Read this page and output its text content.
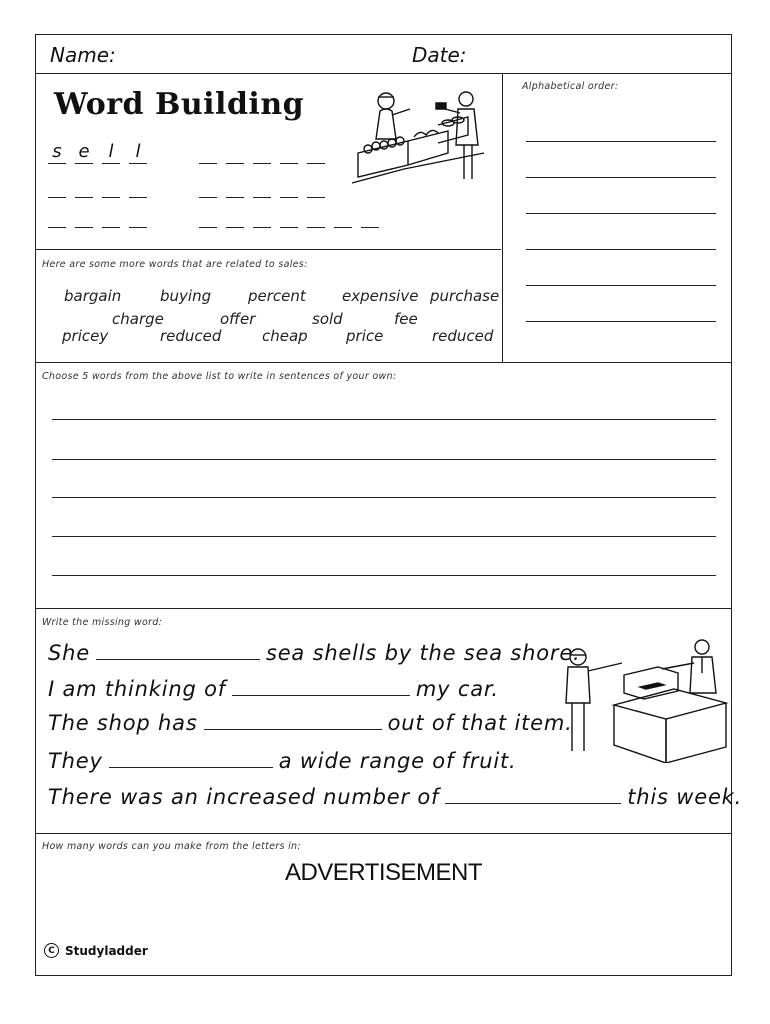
Name:	Date:
Alphabetical order:
Word Building
s e	l	l
Here are some more words that are related to sales:
bargain	buying percent expensive purchase
charge	offer	sold	fee
pricey	reduced	cheap	price	reduced
Choose 5 words from the above list to write in sentences of your own:
Write the missing word:
She	sea shells by the sea shore.
I am thinking of	my car.
The shop has	out of that item.
They	a wide range of fruit.
There was an increased number of	this week.
How many words can you make from the letters in:
ADVERTISEMENT
C Studyladder
